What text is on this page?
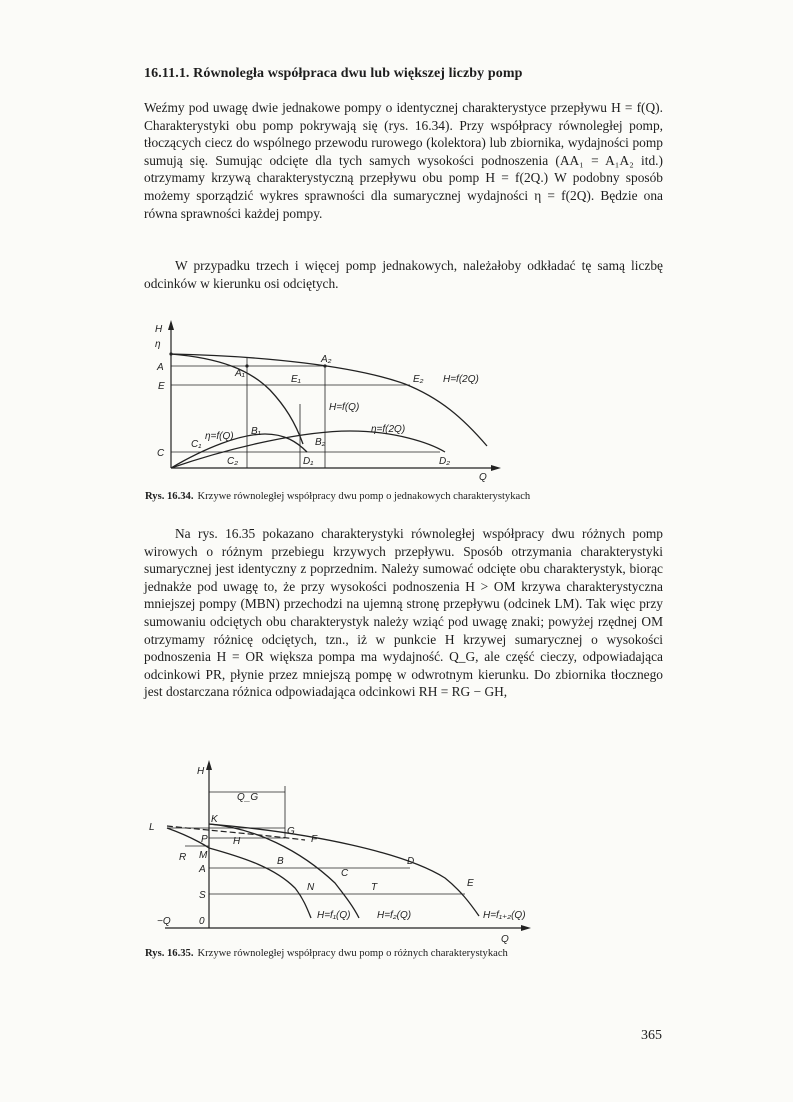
16.11.1. Równoległa współpraca dwu lub większej liczby pomp

Weźmy pod uwagę dwie jednakowe pompy o identycznej charakterystyce przepływu H = f(Q). Charakterystyki obu pomp pokrywają się (rys. 16.34). Przy współpracy równoległej pomp, tłoczących ciecz do wspólnego przewodu rurowego (kolektora) lub zbiornika, wydajności pomp sumują się. Sumując odcięte dla tych samych wysokości podnoszenia (AA₁ = A₁A₂ itd.) otrzymamy krzywą charakterystyczną przepływu obu pomp H = f(2Q.) W podobny sposób możemy sporządzić wykres sprawności dla sumarycznej wydajności η = f(2Q). Będzie ona równa sprawności każdej pompy.

W przypadku trzech i więcej pomp jednakowych, należałoby odkładać tę samą liczbę odcinków w kierunku osi odciętych.

H
η
A
E
C
A₁
A₂
E₁	E₂ H=f(2Q)
H=f(Q)
η=f(Q) B₁
B₂
η=f(2Q)
C₁
C₂	D₁	D₂
Q
Rys. 16.34. Krzywe równoległej współpracy dwu pomp o jednakowych charakterystykach

Na rys. 16.35 pokazano charakterystyki równoległej współpracy dwu różnych pomp wirowych o różnym przebiegu krzywych przepływu. Sposób otrzymania charakterystyki sumarycznej jest identyczny z poprzednim. Należy sumować odcięte obu charakterystyk, biorąc jednakże pod uwagę to, że przy wysokości podnoszenia H > OM krzywa charakterystyczna mniejszej pompy (MBN) przechodzi na ujemną stronę przepływu (odcinek LM). Tak więc przy sumowaniu odciętych obu charakterystyk należy wziąć pod uwagę znaki; powyżej rzędnej OM otrzymamy różnicę odciętych, tzn., iż w punkcie H krzywej sumarycznej o wysokości podnoszenia H = OR większa pompa ma wydajność. Q_G, ale część cieczy, odpowiadająca odcinkowi PR, płynie przez mniejszą pompę w odwrotnym kierunku. Do zbiornika tłocznego jest dostarczana różnica odpowiadająca odcinkowi RH = RG − GH,

H
Q_G
L
K
G
F
P	H
R M
A
B
C
D
S
N	T	E
H=f₁(Q)	H=f₂(Q)	H=f₁₊₂(Q)
−Q	0
Q
Rys. 16.35. Krzywe równoległej współpracy dwu pomp o różnych charakterystykach
365
